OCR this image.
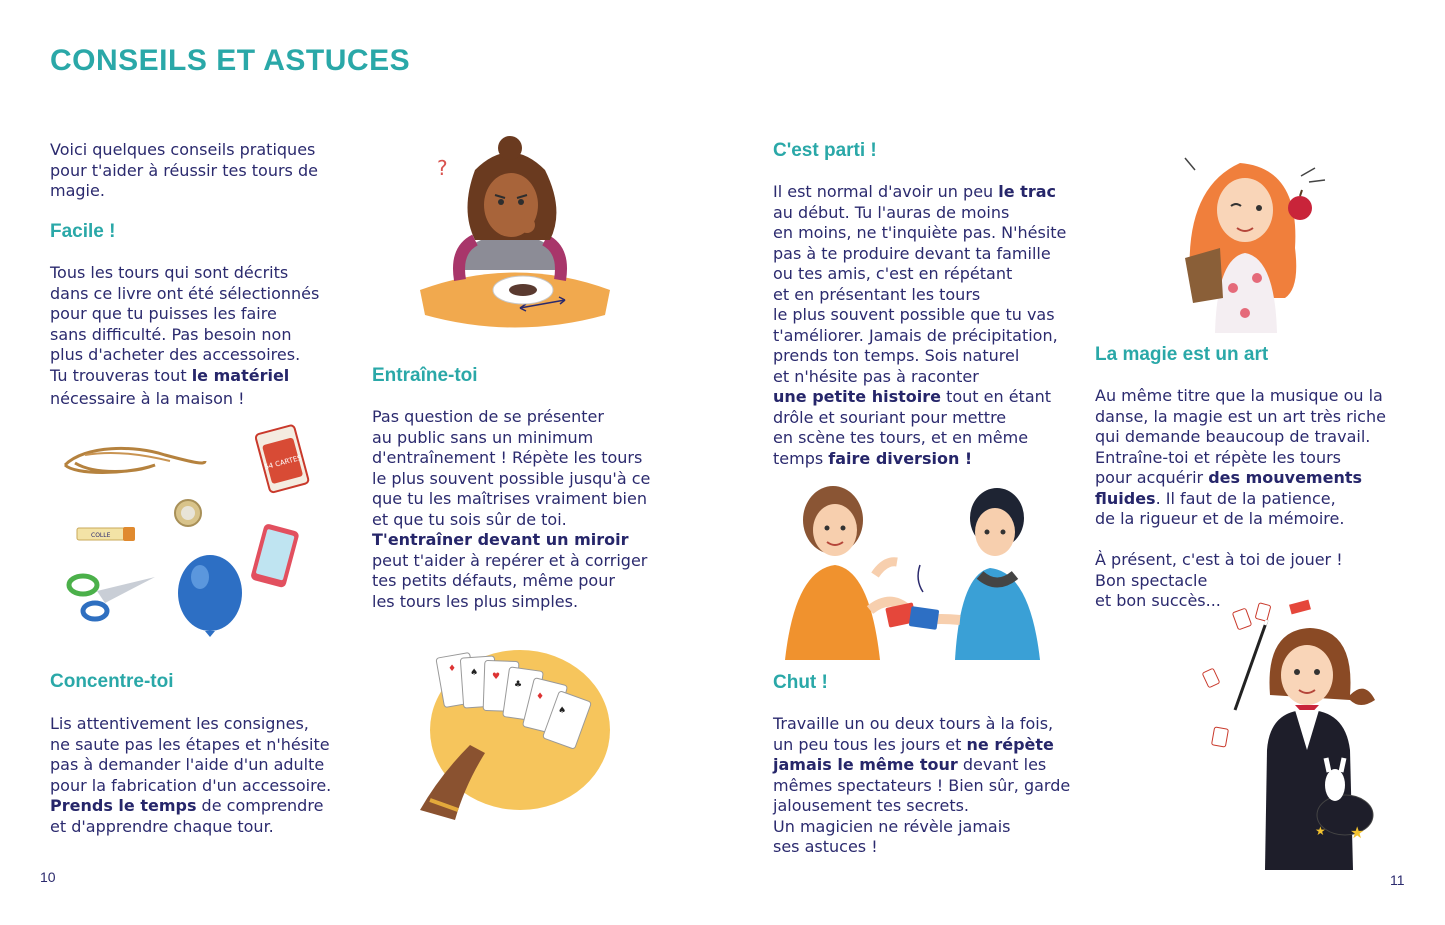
CONSEILS ET ASTUCES
Voici quelques conseils pratiques
pour t'aider à réussir tes tours de
magie.
Facile !
Tous les tours qui sont décrits
dans ce livre ont été sélectionnés
pour que tu puisses les faire
sans difficulté. Pas besoin non
plus d'acheter des accessoires.
Tu trouveras tout le matériel
nécessaire à la maison !
54 CARTES
COLLE
Concentre-toi
Lis attentivement les consignes,
ne saute pas les étapes et n'hésite
pas à demander l'aide d'un adulte
pour la fabrication d'un accessoire.
Prends le temps de comprendre
et d'apprendre chaque tour.
?
Entraîne-toi
Pas question de se présenter
au public sans un minimum
d'entraînement ! Répète les tours
le plus souvent possible jusqu'à ce
que tu les maîtrises vraiment bien
et que tu sois sûr de toi.
T'entraîner devant un miroir
peut t'aider à repérer et à corriger
tes petits défauts, même pour
les tours les plus simples.
♦ ♠ ♥
♣
♦
♠
C'est parti !
Il est normal d'avoir un peu le trac
au début. Tu l'auras de moins
en moins, ne t'inquiète pas. N'hésite
pas à te produire devant ta famille
ou tes amis, c'est en répétant
et en présentant les tours
le plus souvent possible que tu vas
t'améliorer. Jamais de précipitation,
prends ton temps. Sois naturel
et n'hésite pas à raconter
une petite histoire tout en étant
drôle et souriant pour mettre
en scène tes tours, et en même
temps faire diversion !
Chut !
Travaille un ou deux tours à la fois,
un peu tous les jours et ne répète
jamais le même tour devant les
mêmes spectateurs ! Bien sûr, garde
jalousement tes secrets.
Un magicien ne révèle jamais
ses astuces !
La magie est un art
Au même titre que la musique ou la
danse, la magie est un art très riche
qui demande beaucoup de travail.
Entraîne-toi et répète les tours
pour acquérir des mouvements
fluides. Il faut de la patience,
de la rigueur et de la mémoire.
À présent, c'est à toi de jouer !
Bon spectacle
et bon succès...
★
★
10	11
